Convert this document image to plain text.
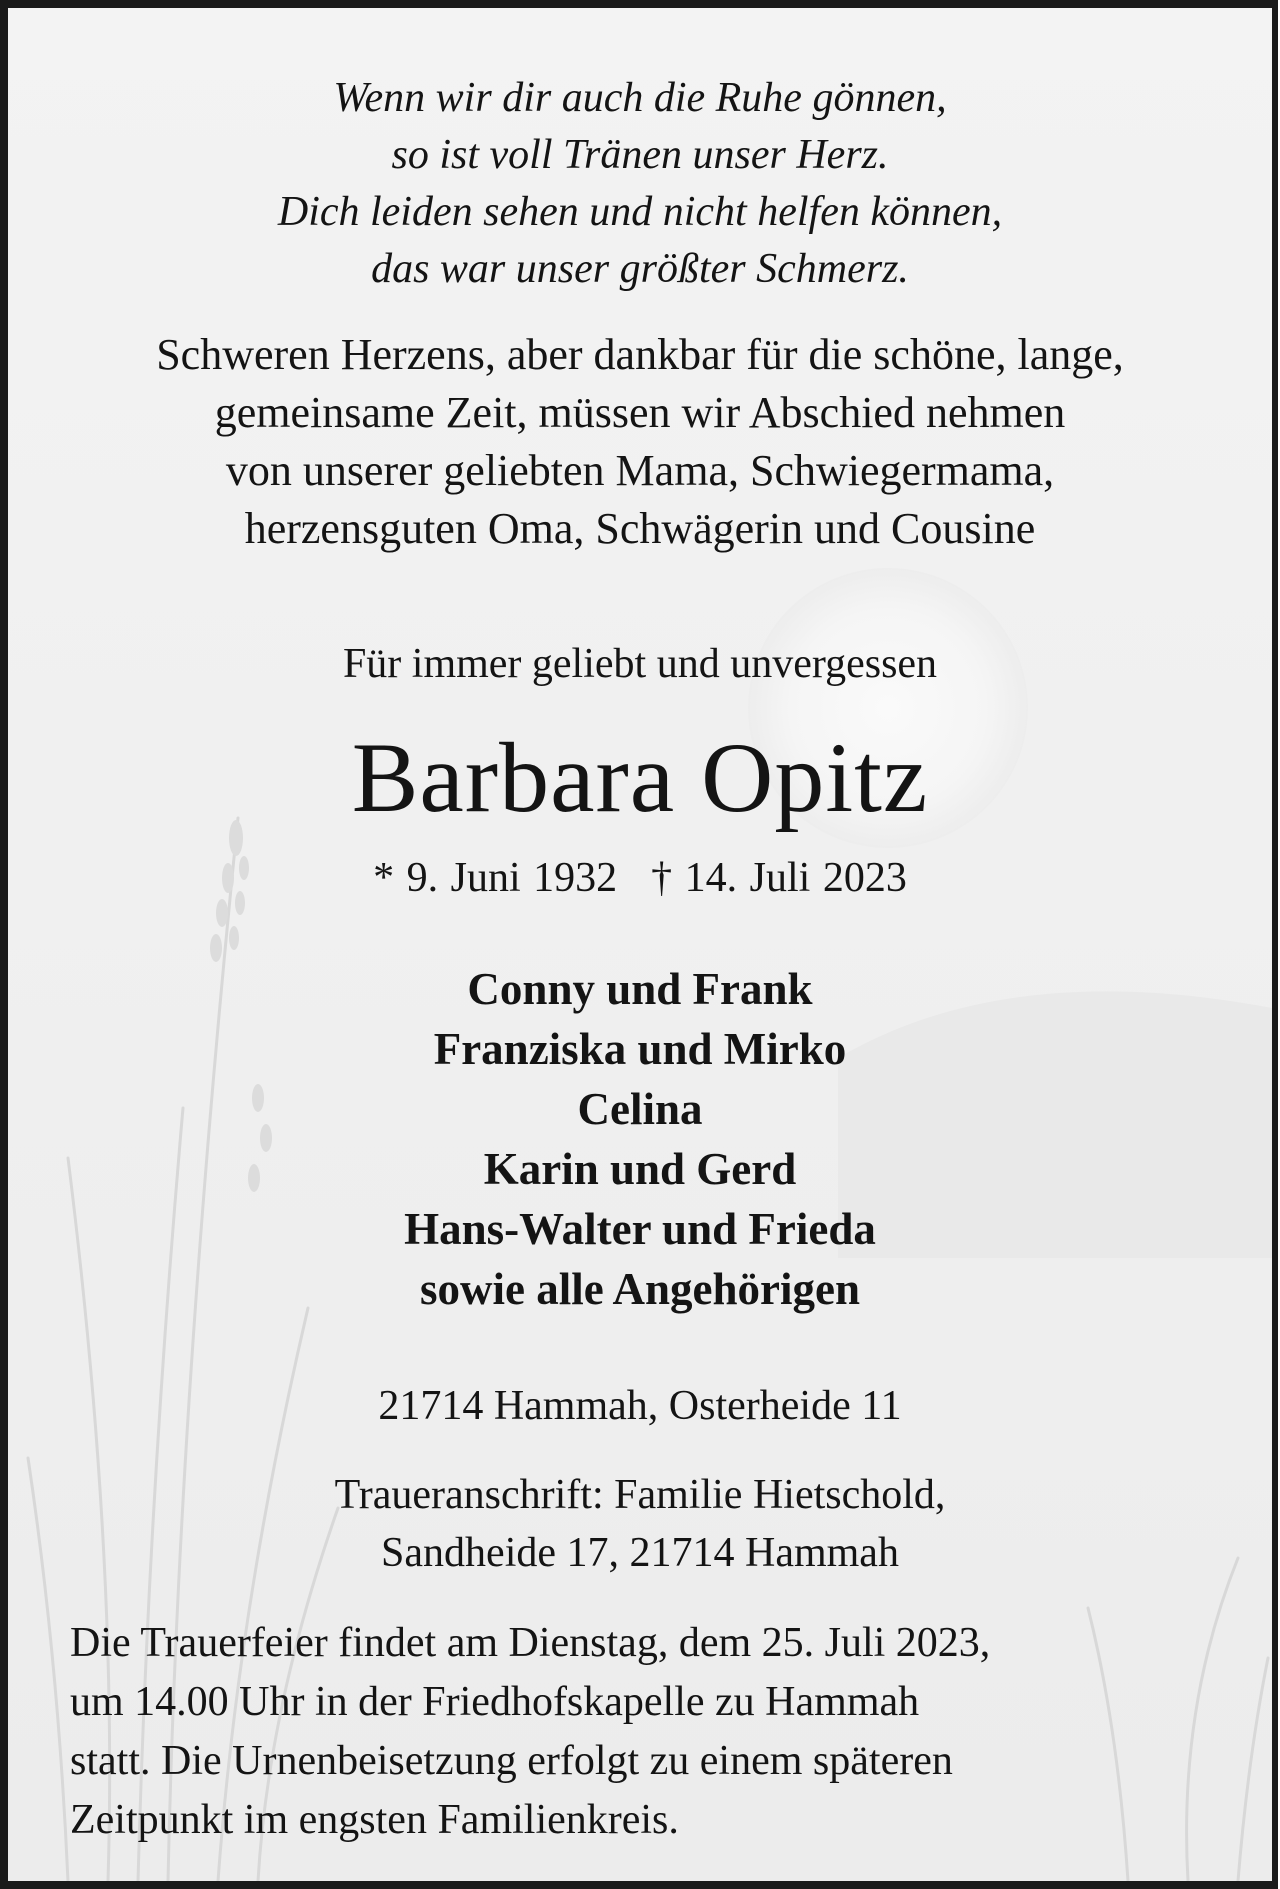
Wenn wir dir auch die Ruhe gönnen,
so ist voll Tränen unser Herz.
Dich leiden sehen und nicht helfen können,
das war unser größter Schmerz.
Schweren Herzens, aber dankbar für die schöne, lange,
gemeinsame Zeit, müssen wir Abschied nehmen
von unserer geliebten Mama, Schwiegermama,
herzensguten Oma, Schwägerin und Cousine
Für immer geliebt und unvergessen
Barbara Opitz
* 9. Juni 1932 † 14. Juli 2023
Conny und Frank
Franziska und Mirko
Celina
Karin und Gerd
Hans-Walter und Frieda
sowie alle Angehörigen
21714 Hammah, Osterheide 11
Traueranschrift: Familie Hietschold,
Sandheide 17, 21714 Hammah
Die Trauerfeier findet am Dienstag, dem 25. Juli 2023,
um 14.00 Uhr in der Friedhofskapelle zu Hammah
statt. Die Urnenbeisetzung erfolgt zu einem späteren
Zeitpunkt im engsten Familienkreis.
